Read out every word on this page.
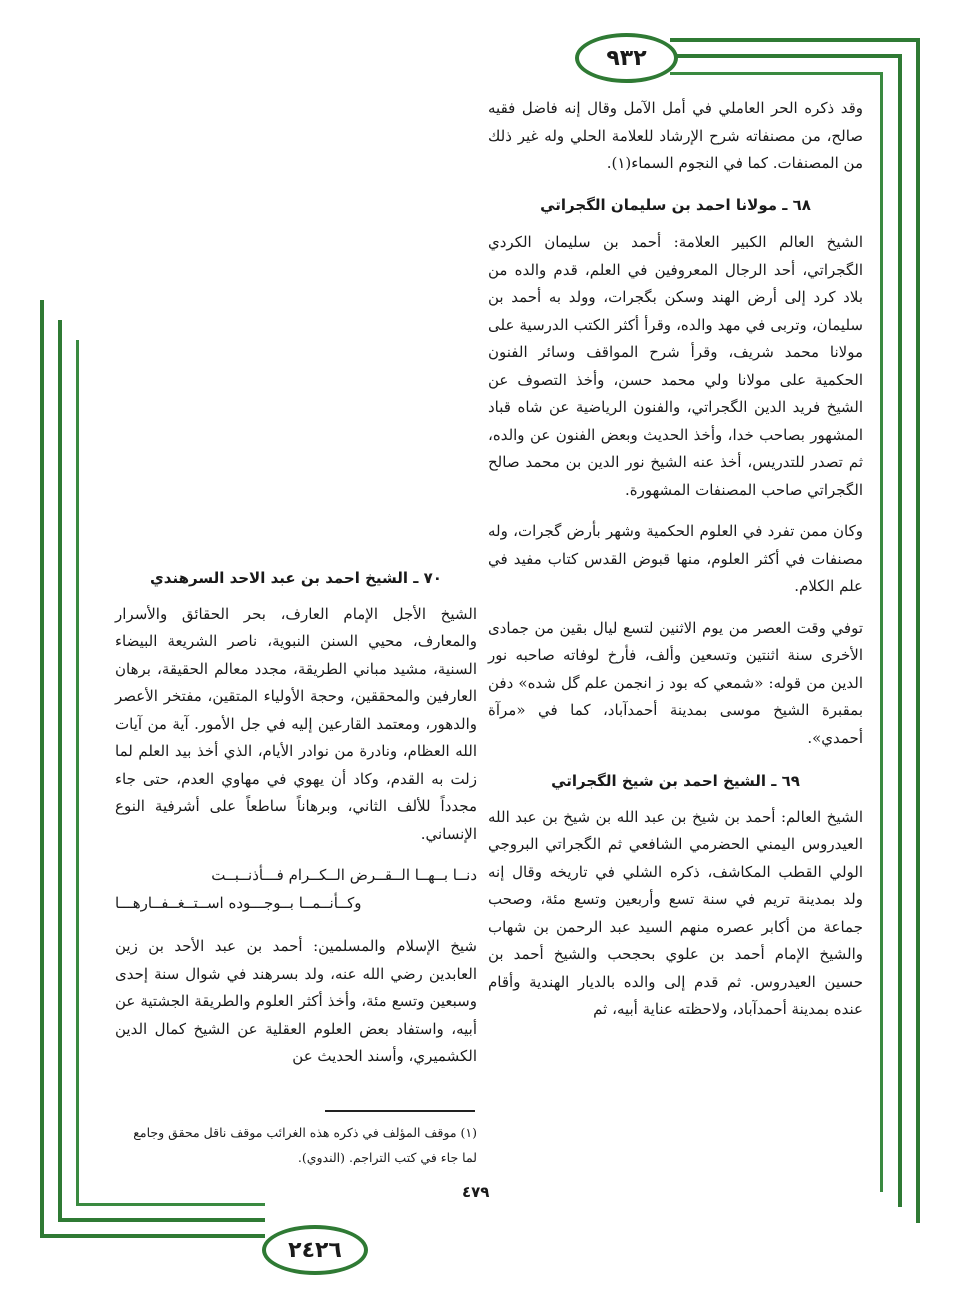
٩٣٢
٢٤٢٦

وقد ذكره الحر العاملي في أمل الآمل وقال إنه فاضل فقيه صالح، من مصنفاته شرح الإرشاد للعلامة الحلي وله غير ذلك من المصنفات. كما في النجوم السماء(١).

٦٨ ـ مولانا احمد بن سليمان الگجراتي

الشيخ العالم الكبير العلامة: أحمد بن سليمان الكردي الگجراتي، أحد الرجال المعروفين في العلم، قدم والده من بلاد كرد إلى أرض الهند وسكن بگجرات، وولد به أحمد بن سليمان، وتربى في مهد والده، وقرأ أكثر الكتب الدرسية على مولانا محمد شريف، وقرأ شرح المواقف وسائر الفنون الحكمية على مولانا ولي محمد حسن، وأخذ التصوف عن الشيخ فريد الدين الگجراتي، والفنون الرياضية عن شاه قباد المشهور بصاحب خدا، وأخذ الحديث وبعض الفنون عن والده، ثم تصدر للتدريس، أخذ عنه الشيخ نور الدين بن محمد صالح الگجراتي صاحب المصنفات المشهورة.

وكان ممن تفرد في العلوم الحكمية وشهر بأرض گجرات، وله مصنفات في أكثر العلوم، منها قبوض القدس كتاب مفيد في علم الكلام.

توفي وقت العصر من يوم الاثنين لتسع ليال بقين من جمادى الأخرى سنة اثنتين وتسعين وألف، فأرخ لوفاته صاحبه نور الدين من قوله: «شمعي كه بود ز انجمن علم گل شده» دفن بمقبرة الشيخ موسى بمدينة أحمدآباد، كما في «مرآة أحمدي».

٦٩ ـ الشيخ احمد بن شيخ الگجراتي

الشيخ العالم: أحمد بن شيخ بن عبد الله بن شيخ بن عبد الله العيدروس اليمني الحضرمي الشافعي ثم الگجراتي البروجي الولي القطب المكاشف، ذكره الشلي في تاريخه وقال إنه ولد بمدينة تريم في سنة تسع وأربعين وتسع مئة، وصحب جماعة من أكابر عصره منهم السيد عبد الرحمن بن شهاب والشيخ الإمام أحمد بن علوي بحجحب والشيخ أحمد بن حسين العيدروس. ثم قدم إلى والده بالديار الهندية وأقام عنده بمدينة أحمدآباد، ولاحظته عناية أبيه، ثم

٧٠ ـ الشيخ احمد بن عبد الاحد السرهندي

الشيخ الأجل الإمام العارف، بحر الحقائق والأسرار والمعارف، محيي السنن النبوية، ناصر الشريعة البيضاء السنية، مشيد مباني الطريقة، مجدد معالم الحقيقة، برهان العارفين والمحققين، وحجة الأولياء المتقين، مفتخر الأعصر والدهور، ومعتمد القارعين إليه في جل الأمور. آية من آيات الله العظام، ونادرة من نوادر الأيام، الذي أخذ بيد العلم لما زلت به القدم، وكاد أن يهوي في مهاوي العدم، حتى جاء مجدداً للألف الثاني، وبرهاناً ساطعاً على أشرفية النوع الإنساني.

دنــا بــهــا الــقــرض الــكــرام فـــأذنــبــت
وكــأنــمــا بــوجـــوده اســتــغــفــارهـــا

شيخ الإسلام والمسلمين: أحمد بن عبد الأحد بن زين العابدين رضي الله عنه، ولد بسرهند في شوال سنة إحدى وسبعين وتسع مئة، وأخذ أكثر العلوم والطريقة الجشتية عن أبيه، واستفاد بعض العلوم العقلية عن الشيخ كمال الدين الكشميري، وأسند الحديث عن

(١) موقف المؤلف في ذكره هذه الغرائب موقف ناقل محقق وجامع لما جاء في كتب التراجم. (الندوي).
٤٧٩
